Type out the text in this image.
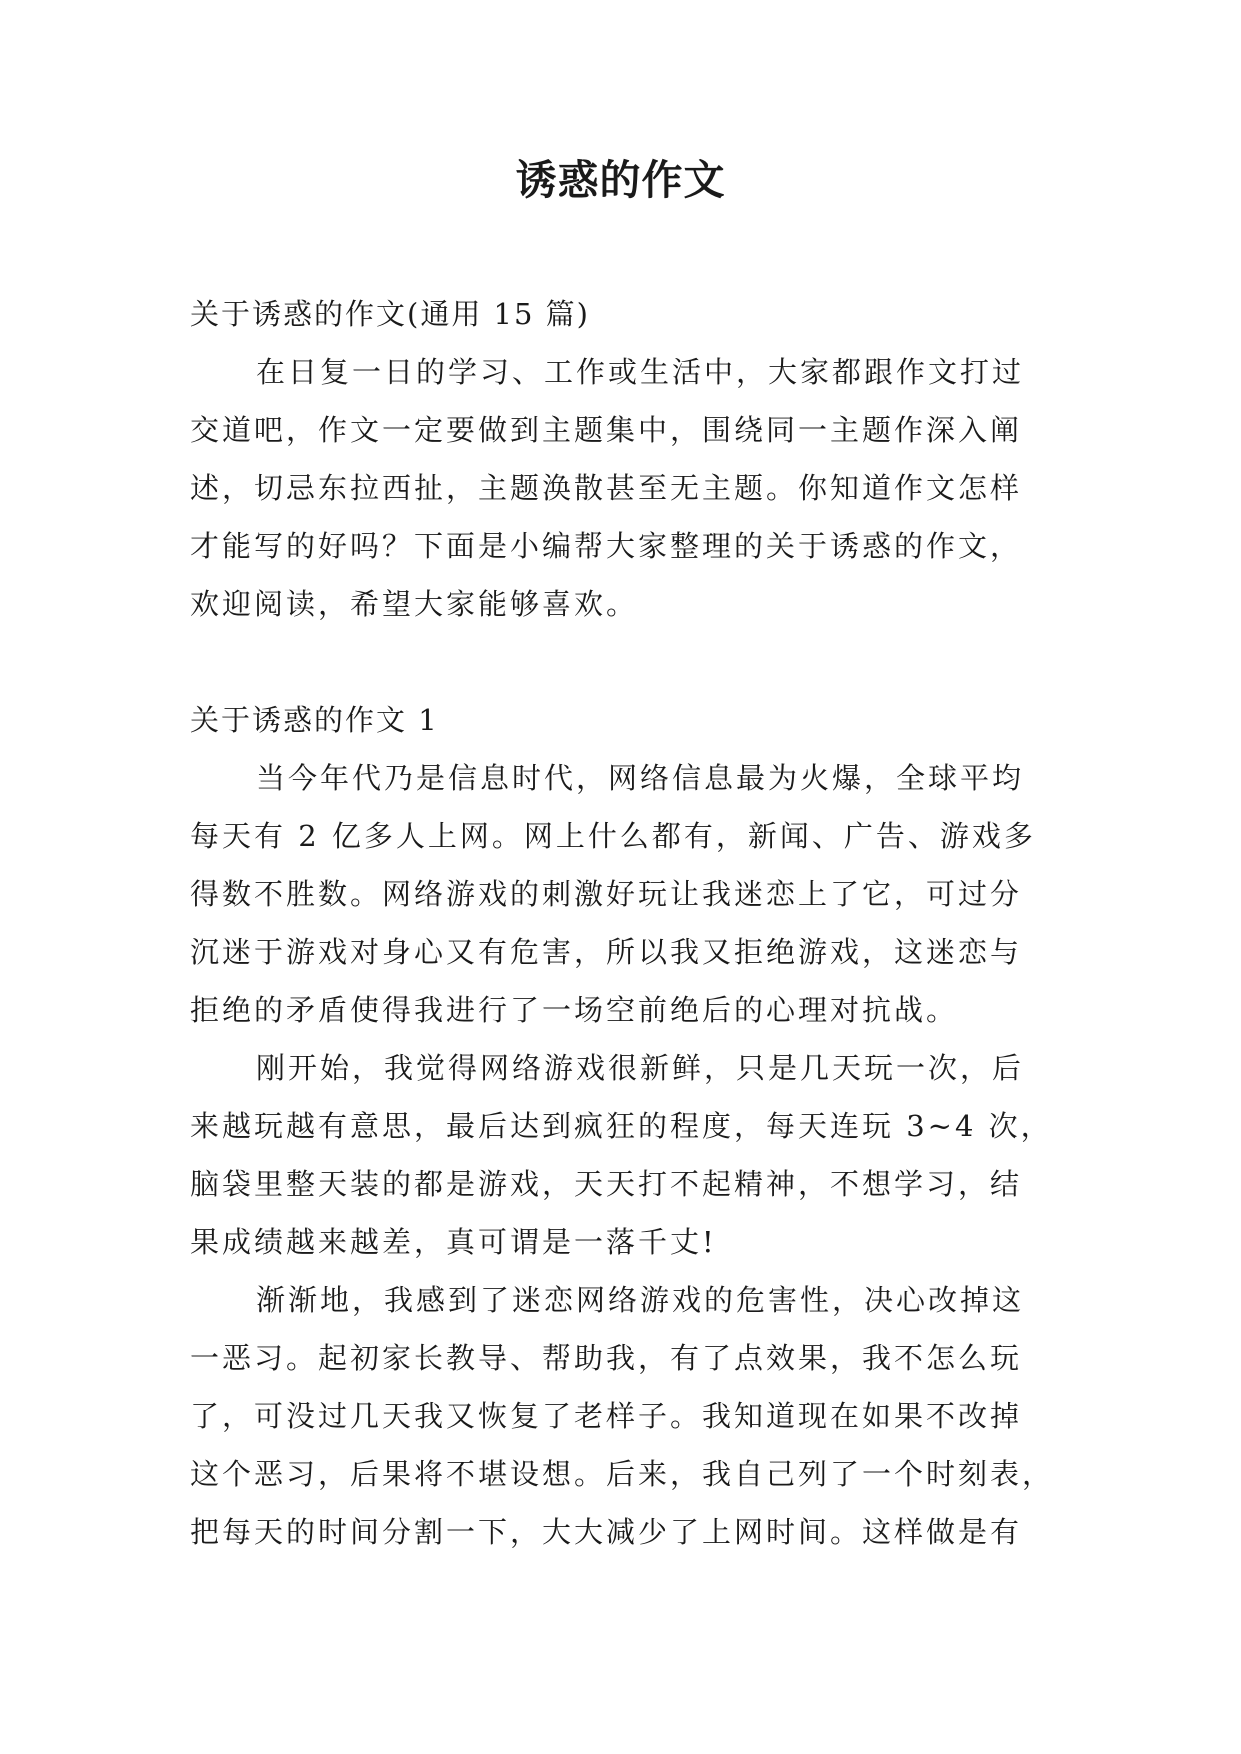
诱惑的作文
关于诱惑的作文(通用 15 篇)
在日复一日的学习、工作或生活中，大家都跟作文打过
交道吧，作文一定要做到主题集中，围绕同一主题作深入阐
述，切忌东拉西扯，主题涣散甚至无主题。你知道作文怎样
才能写的好吗？下面是小编帮大家整理的关于诱惑的作文，
欢迎阅读，希望大家能够喜欢。
关于诱惑的作文 1
当今年代乃是信息时代，网络信息最为火爆，全球平均
每天有 2 亿多人上网。网上什么都有，新闻、广告、游戏多
得数不胜数。网络游戏的刺激好玩让我迷恋上了它，可过分
沉迷于游戏对身心又有危害，所以我又拒绝游戏，这迷恋与
拒绝的矛盾使得我进行了一场空前绝后的心理对抗战。
刚开始，我觉得网络游戏很新鲜，只是几天玩一次，后
来越玩越有意思，最后达到疯狂的程度，每天连玩 3~4 次，
脑袋里整天装的都是游戏，天天打不起精神，不想学习，结
果成绩越来越差，真可谓是一落千丈!
渐渐地，我感到了迷恋网络游戏的危害性，决心改掉这
一恶习。起初家长教导、帮助我，有了点效果，我不怎么玩
了，可没过几天我又恢复了老样子。我知道现在如果不改掉
这个恶习，后果将不堪设想。后来，我自己列了一个时刻表，
把每天的时间分割一下，大大减少了上网时间。这样做是有
